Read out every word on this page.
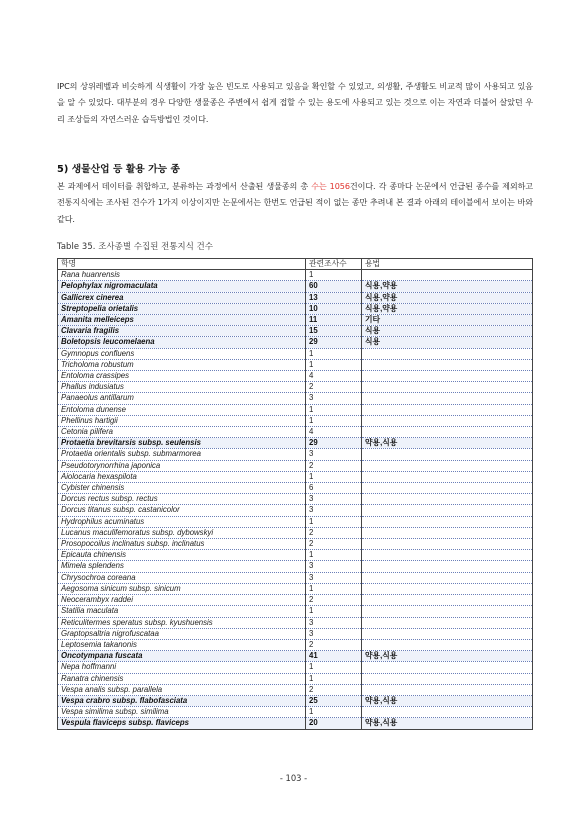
IPC의 상위레벨과 비슷하게 식생활이 가장 높은 빈도로 사용되고 있음을 확인할 수 있었고, 의생활, 주생활도 비교적 많이 사용되고 있음을 알 수 있었다. 대부분의 경우 다양한 생물종은 주변에서 쉽게 접할 수 있는 용도에 사용되고 있는 것으로 이는 자연과 더불어 살았던 우리 조상들의 자연스러운 습득방법인 것이다.

5) 생물산업 등 활용 가능 종

본 과제에서 데이터를 취합하고, 분류하는 과정에서 산출된 생물종의 총 수는 1056건이다. 각 종마다 논문에서 언급된 종수를 제외하고 전통지식에는 조사된 건수가 1가지 이상이지만 논문에서는 한번도 언급된 적이 없는 종만 추려내 본 결과 아래의 테이블에서 보이는 바와 같다.

Table 35. 조사종별 수집된 전통지식 건수
학명	관련조사수	용법
Rana huanrensis	1	
Pelophylax nigromaculata	60	식용,약용
Gallicrex cinerea	13	식용,약용
Streptopelia orietalis	10	식용,약용
Amanita melleiceps	11	기타
Clavaria fragilis	15	식용
Boletopsis leucomelaena	29	식용
Gymnopus confluens	1	
Tricholoma robustum	1	
Entoloma crassipes	4	
Phallus indusiatus	2	
Panaeolus antillarum	3	
Entoloma dunense	1	
Phellinus hartigii	1	
Cetonia pilifera	4	
Protaetia brevitarsis subsp. seulensis	29	약용,식용
Protaetia orientalis subsp. submarmorea	3	
Pseudotorynorrhina japonica	2	
Aiolocaria hexaspilota	1	
Cybister chinensis	6	
Dorcus rectus subsp. rectus	3	
Dorcus titanus subsp. castanicolor	3	
Hydrophilus acuminatus	1	
Lucanus maculifemoratus subsp. dybowskyi	2	
Prosopocoilus inclinatus subsp. inclinatus	2	
Epicauta chinensis	1	
Mimela splendens	3	
Chrysochroa coreana	3	
Aegosoma sinicum subsp. sinicum	1	
Neocerambyx raddei	2	
Statilia maculata	1	
Reticulitermes speratus subsp. kyushuensis	3	
Graptopsaltria nigrofuscataa	3	
Leptosemia takanonis	2	
Oncotympana fuscata	41	약용,식용
Nepa hoffmanni	1	
Ranatra chinensis	1	
Vespa analis subsp. parallela	2	
Vespa crabro subsp. flabofasciata	25	약용,식용
Vespa similima subsp. similima	1	
Vespula flaviceps subsp. flaviceps	20	약용,식용
- 103 -
